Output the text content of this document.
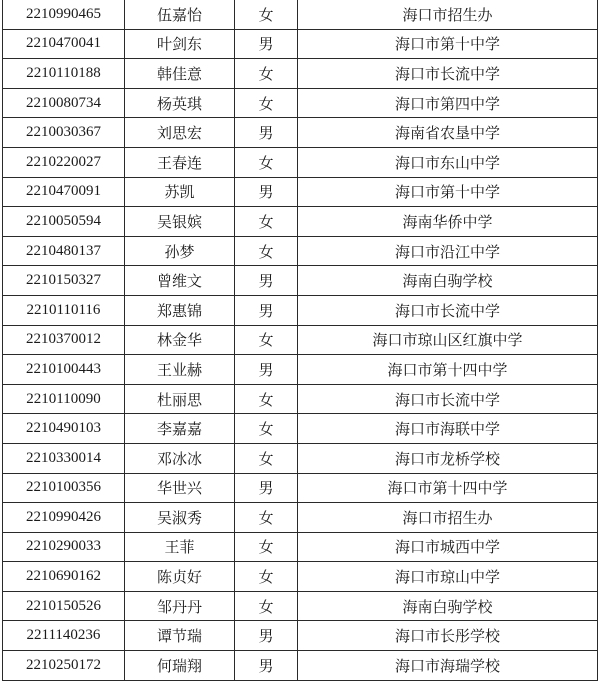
2210990465	伍嘉怡	女	海口市招生办
2210470041	叶剑东	男	海口市第十中学
2210110188	韩佳意	女	海口市长流中学
2210080734	杨英琪	女	海口市第四中学
2210030367	刘思宏	男	海南省农垦中学
2210220027	王春连	女	海口市东山中学
2210470091	苏凯	男	海口市第十中学
2210050594	吴银嫔	女	海南华侨中学
2210480137	孙梦	女	海口市沿江中学
2210150327	曾维文	男	海南白驹学校
2210110116	郑惠锦	男	海口市长流中学
2210370012	林金华	女	海口市琼山区红旗中学
2210100443	王业赫	男	海口市第十四中学
2210110090	杜丽思	女	海口市长流中学
2210490103	李嘉嘉	女	海口市海联中学
2210330014	邓冰冰	女	海口市龙桥学校
2210100356	华世兴	男	海口市第十四中学
2210990426	吴淑秀	女	海口市招生办
2210290033	王菲	女	海口市城西中学
2210690162	陈贞好	女	海口市琼山中学
2210150526	邹丹丹	女	海南白驹学校
2211140236	谭节瑞	男	海口市长彤学校
2210250172	何瑞翔	男	海口市海瑞学校
